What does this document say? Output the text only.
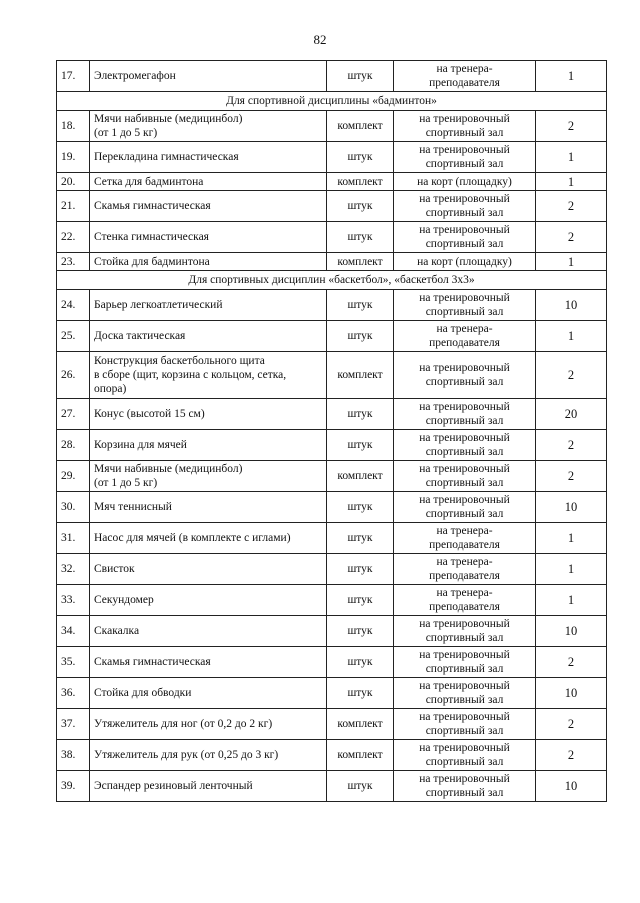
82
17.	Электромегафон	штук	на тренера-
преподавателя	1
Для спортивной дисциплины «бадминтон»				
18.	Мячи набивные (медицинбол)
(от 1 до 5 кг)	комплект	на тренировочный
спортивный зал	2
19.	Перекладина гимнастическая	штук	на тренировочный
спортивный зал	1
20.	Сетка для бадминтона	комплект	на корт (площадку)	1
21.	Скамья гимнастическая	штук	на тренировочный
спортивный зал	2
22.	Стенка гимнастическая	штук	на тренировочный
спортивный зал	2
23.	Стойка для бадминтона	комплект	на корт (площадку)	1
Для спортивных дисциплин «баскетбол», «баскетбол 3х3»				
24.	Барьер легкоатлетический	штук	на тренировочный
спортивный зал	10
25.	Доска тактическая	штук	на тренера-
преподавателя	1
26.	Конструкция баскетбольного щита
в сборе (щит, корзина с кольцом, сетка,
опора)	комплект	на тренировочный
спортивный зал	2
27.	Конус (высотой 15 см)	штук	на тренировочный
спортивный зал	20
28.	Корзина для мячей	штук	на тренировочный
спортивный зал	2
29.	Мячи набивные (медицинбол)
(от 1 до 5 кг)	комплект	на тренировочный
спортивный зал	2
30.	Мяч теннисный	штук	на тренировочный
спортивный зал	10
31.	Насос для мячей (в комплекте с иглами)	штук	на тренера-
преподавателя	1
32.	Свисток	штук	на тренера-
преподавателя	1
33.	Секундомер	штук	на тренера-
преподавателя	1
34.	Скакалка	штук	на тренировочный
спортивный зал	10
35.	Скамья гимнастическая	штук	на тренировочный
спортивный зал	2
36.	Стойка для обводки	штук	на тренировочный
спортивный зал	10
37.	Утяжелитель для ног (от 0,2 до 2 кг)	комплект	на тренировочный
спортивный зал	2
38.	Утяжелитель для рук (от 0,25 до 3 кг)	комплект	на тренировочный
спортивный зал	2
39.	Эспандер резиновый ленточный	штук	на тренировочный
спортивный зал	10
